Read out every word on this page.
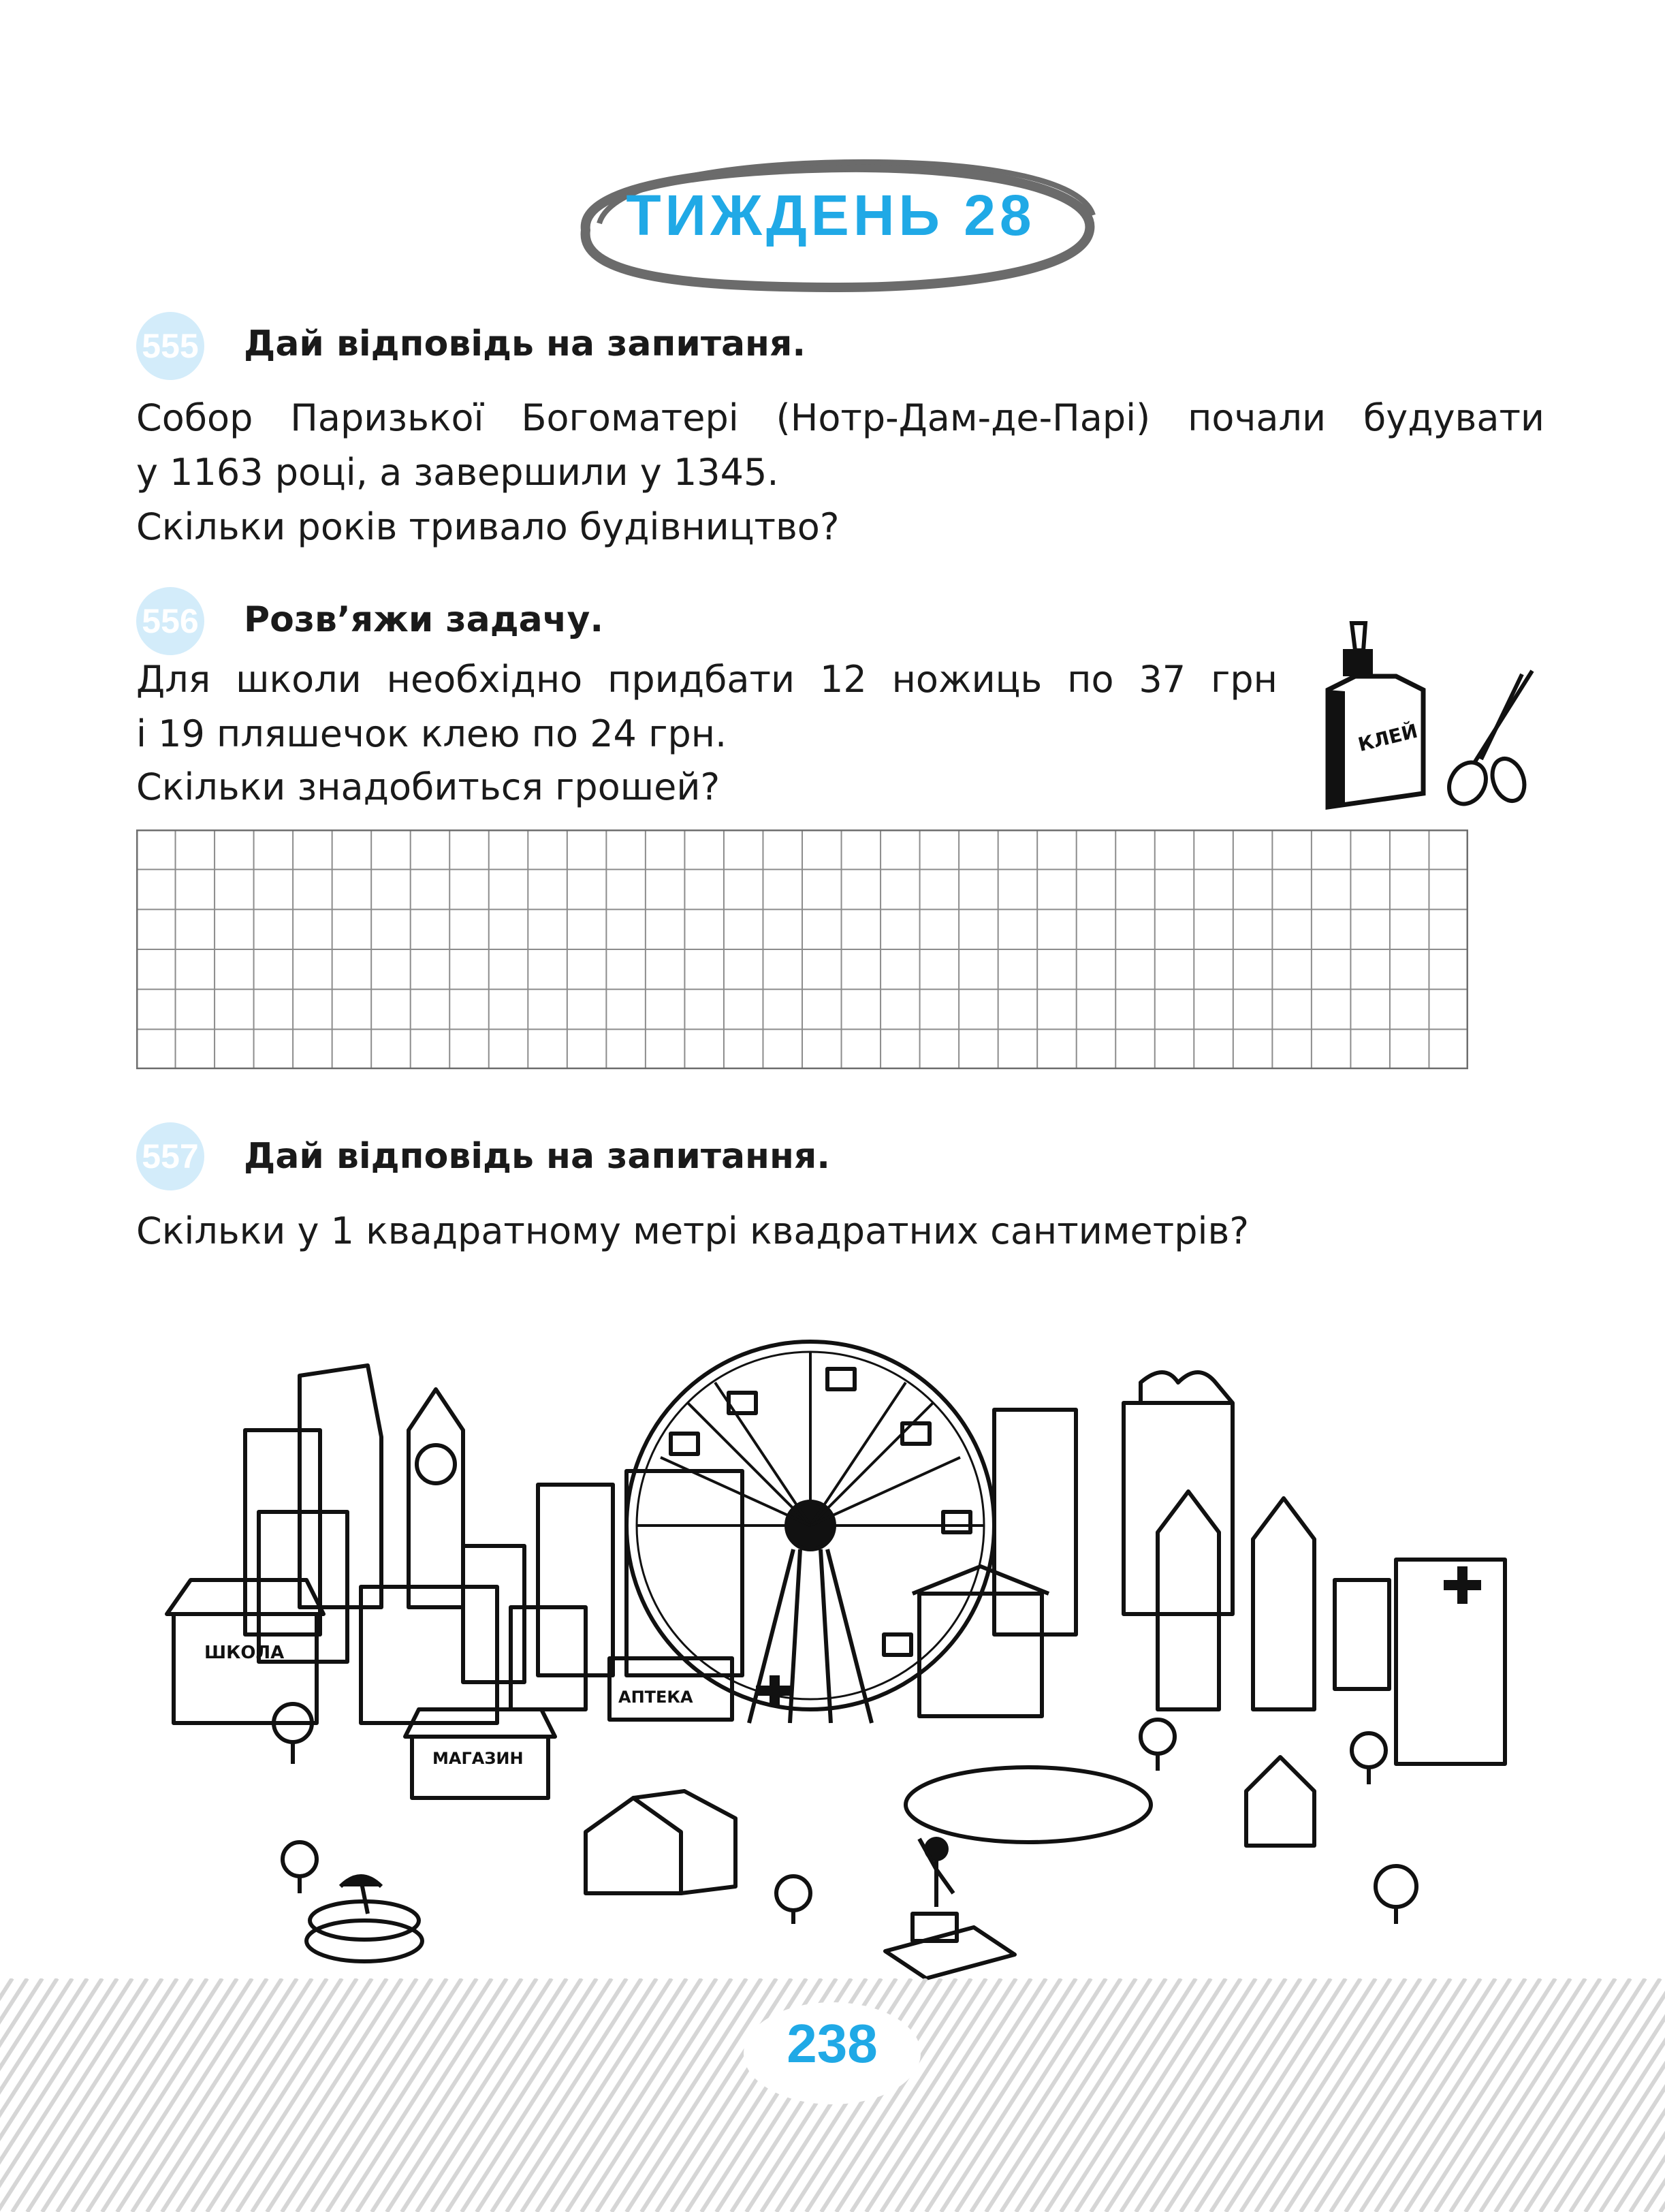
ТИЖДЕНЬ 28
555 Дай відповідь на запитаня.
Собор Паризької Богоматері (Нотр-Дам-де-Парі) почали будувати
у 1163 році, а завершили у 1345.
Скільки років тривало будівництво?
556 Розв’яжи задачу.
Для школи необхідно придбати 12 ножиць по 37 грн
і 19 пляшечок клею по 24 грн.
Скільки знадобиться грошей?
КЛЕЙ
557 Дай відповідь на запитання.
Скільки у 1 квадратному метрі квадратних сантиметрів?
ШКОЛА
АПТЕКА
МАГАЗИН
238
